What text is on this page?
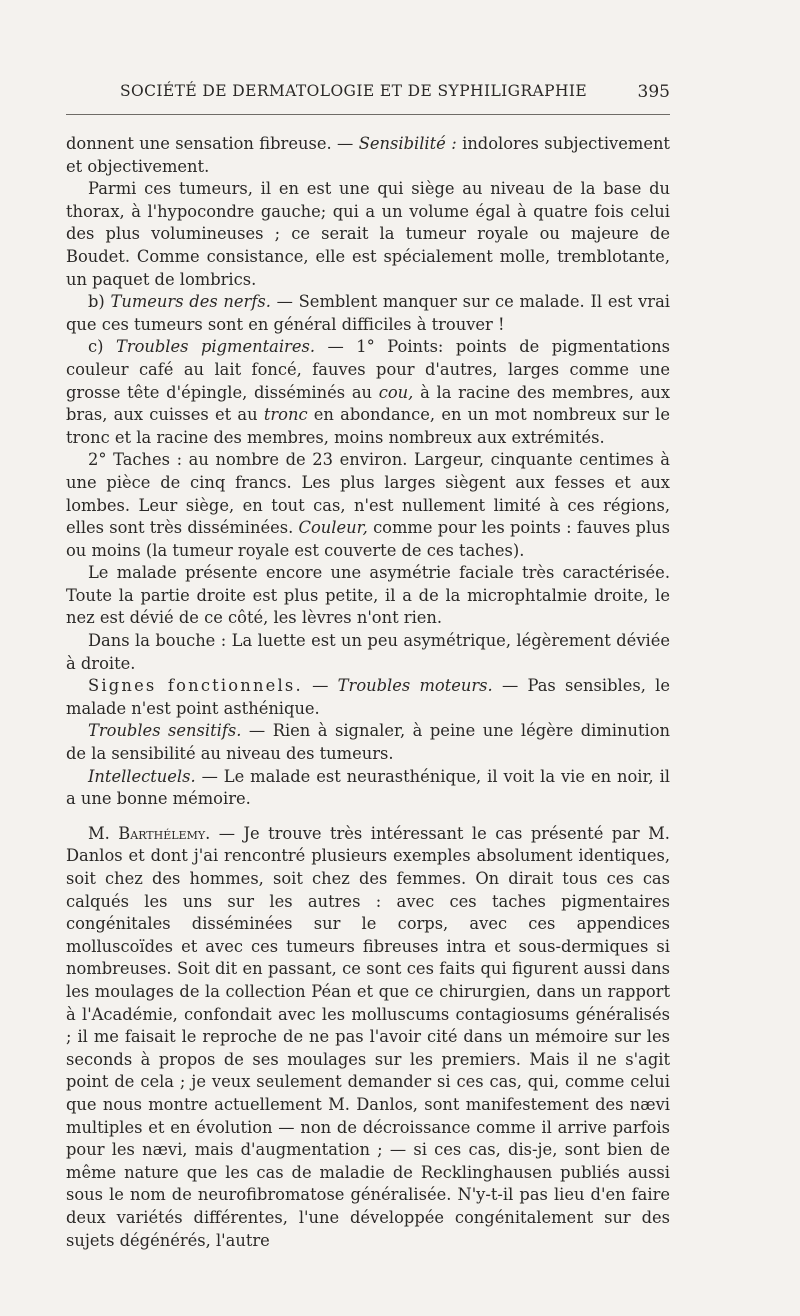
SOCIÉTÉ DE DERMATOLOGIE ET DE SYPHILIGRAPHIE	395

donnent une sensation fibreuse. — Sensibilité : indolores subjectivement et objectivement.

Parmi ces tumeurs, il en est une qui siège au niveau de la base du thorax, à l'hypocondre gauche; qui a un volume égal à quatre fois celui des plus volumineuses ; ce serait la tumeur royale ou majeure de Boudet. Comme consistance, elle est spécialement molle, tremblotante, un paquet de lombrics.

b) Tumeurs des nerfs. — Semblent manquer sur ce malade. Il est vrai que ces tumeurs sont en général difficiles à trouver !

c) Troubles pigmentaires. — 1° Points: points de pigmentations couleur café au lait foncé, fauves pour d'autres, larges comme une grosse tête d'épingle, disséminés au cou, à la racine des membres, aux bras, aux cuisses et au tronc en abondance, en un mot nombreux sur le tronc et la racine des membres, moins nombreux aux extrémités.

2° Taches : au nombre de 23 environ. Largeur, cinquante centimes à une pièce de cinq francs. Les plus larges siègent aux fesses et aux lombes. Leur siège, en tout cas, n'est nullement limité à ces régions, elles sont très disséminées. Couleur, comme pour les points : fauves plus ou moins (la tumeur royale est couverte de ces taches).

Le malade présente encore une asymétrie faciale très caractérisée. Toute la partie droite est plus petite, il a de la microphtalmie droite, le nez est dévié de ce côté, les lèvres n'ont rien.

Dans la bouche : La luette est un peu asymétrique, légèrement déviée à droite.

Signes fonctionnels. — Troubles moteurs. — Pas sensibles, le malade n'est point asthénique.

Troubles sensitifs. — Rien à signaler, à peine une légère diminution de la sensibilité au niveau des tumeurs.

Intellectuels. — Le malade est neurasthénique, il voit la vie en noir, il a une bonne mémoire.

M. Barthélemy. — Je trouve très intéressant le cas présenté par M. Danlos et dont j'ai rencontré plusieurs exemples absolument identiques, soit chez des hommes, soit chez des femmes. On dirait tous ces cas calqués les uns sur les autres : avec ces taches pigmentaires congénitales disséminées sur le corps, avec ces appendices molluscoïdes et avec ces tumeurs fibreuses intra et sous-dermiques si nombreuses. Soit dit en passant, ce sont ces faits qui figurent aussi dans les moulages de la collection Péan et que ce chirurgien, dans un rapport à l'Académie, confondait avec les molluscums contagiosums généralisés ; il me faisait le reproche de ne pas l'avoir cité dans un mémoire sur les seconds à propos de ses moulages sur les premiers. Mais il ne s'agit point de cela ; je veux seulement demander si ces cas, qui, comme celui que nous montre actuellement M. Danlos, sont manifestement des nævi multiples et en évolution — non de décroissance comme il arrive parfois pour les nævi, mais d'augmentation ; — si ces cas, dis-je, sont bien de même nature que les cas de maladie de Recklinghausen publiés aussi sous le nom de neurofibromatose généralisée. N'y-t-il pas lieu d'en faire deux variétés différentes, l'une développée congénitalement sur des sujets dégénérés, l'autre
